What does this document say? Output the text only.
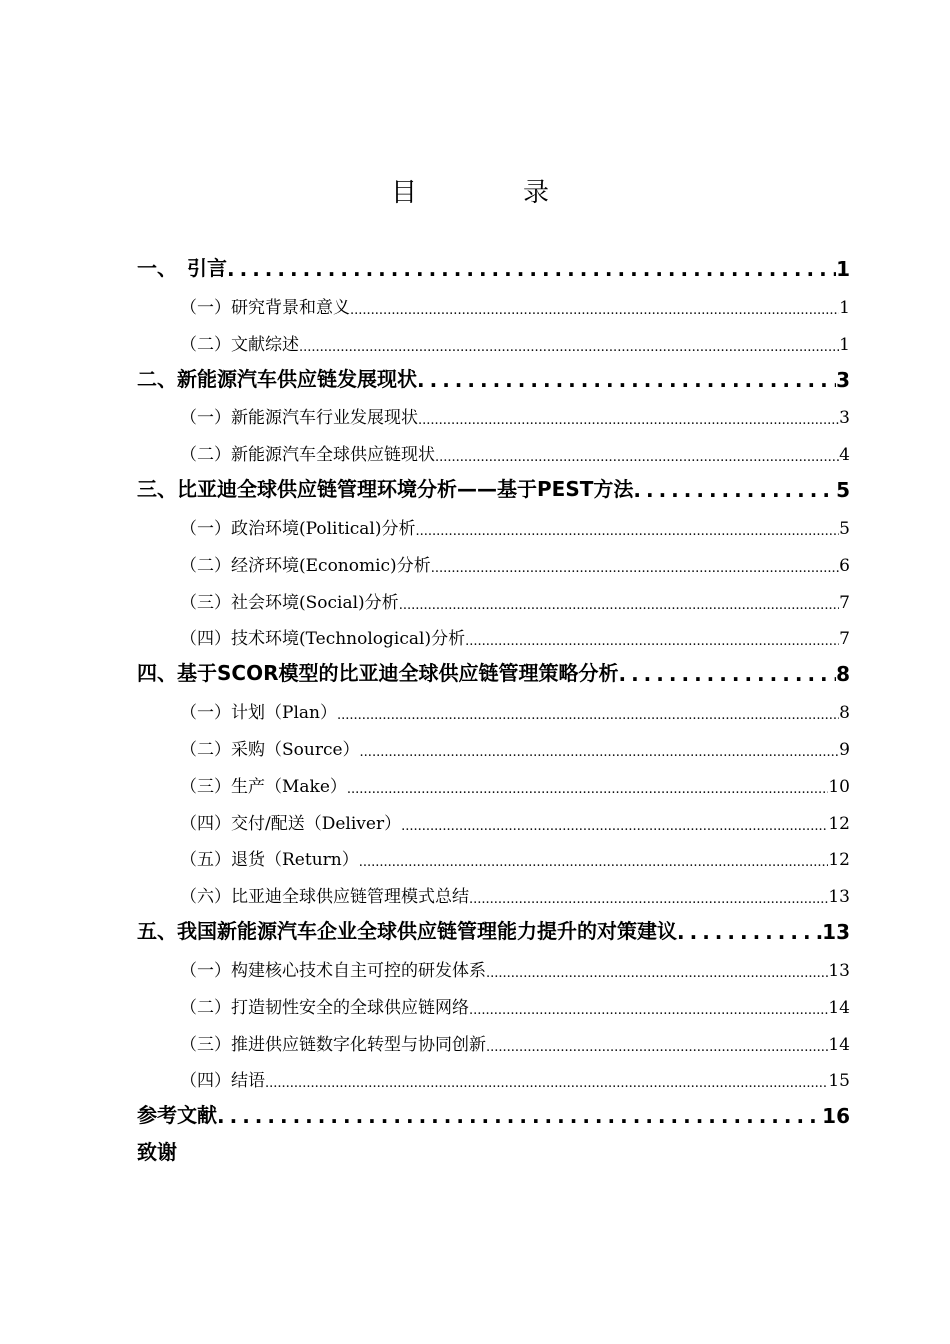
目　录
一、　引言 .....	1
（一）研究背景和意义 .....	1
（二）文献综述 .....	1
二、新能源汽车供应链发展现状 .....	3
（一）新能源汽车行业发展现状 .....	3
（二）新能源汽车全球供应链现状 .....	4
三、比亚迪全球供应链管理环境分析——基于PEST方法 .....	5
（一）政治环境(Political)分析 .....	5
（二）经济环境(Economic)分析 .....	6
（三）社会环境(Social)分析 .....	7
（四）技术环境(Technological)分析 .....	7
四、基于SCOR模型的比亚迪全球供应链管理策略分析 .....	8
（一）计划（Plan） .....	8
（二）采购（Source） .....	9
（三）生产（Make） .....	10
（四）交付/配送（Deliver） .....	12
（五）退货（Return） .....	12
（六）比亚迪全球供应链管理模式总结 .....	13
五、我国新能源汽车企业全球供应链管理能力提升的对策建议 .....	13
（一）构建核心技术自主可控的研发体系 .....	13
（二）打造韧性安全的全球供应链网络 .....	14
（三）推进供应链数字化转型与协同创新 .....	14
（四）结语 .....	15
参考文献 .....	16
致谢
